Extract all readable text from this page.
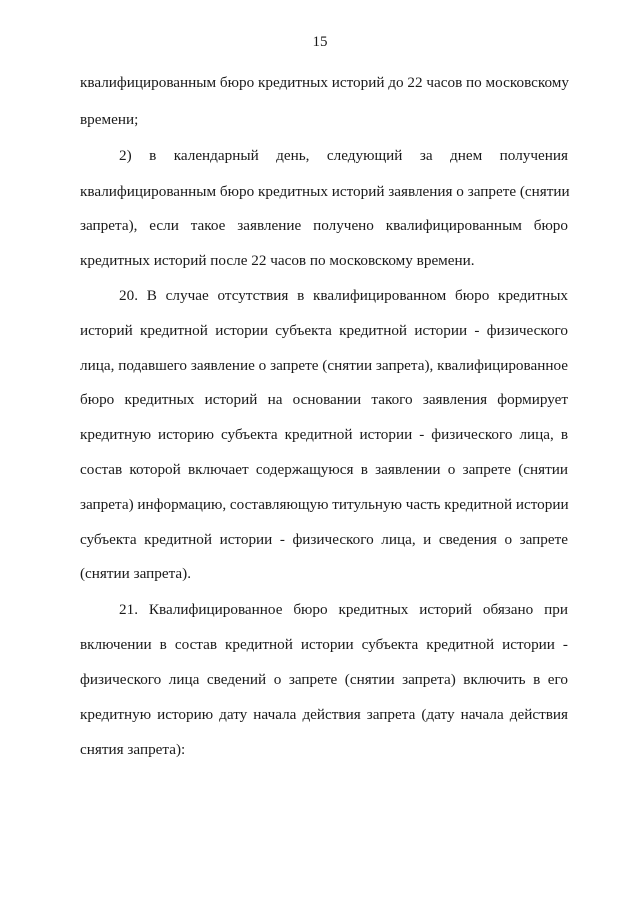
15
квалифицированным бюро кредитных историй до 22 часов по московскому
времени;
2) в календарный день, следующий за днем получения
квалифицированным бюро кредитных историй заявления о запрете (снятии
запрета), если такое заявление получено квалифицированным бюро
кредитных историй после 22 часов по московскому времени.
20. В случае отсутствия в квалифицированном бюро кредитных
историй кредитной истории субъекта кредитной истории - физического
лица, подавшего заявление о запрете (снятии запрета), квалифицированное
бюро кредитных историй на основании такого заявления формирует
кредитную историю субъекта кредитной истории - физического лица, в
состав которой включает содержащуюся в заявлении о запрете (снятии
запрета) информацию, составляющую титульную часть кредитной истории
субъекта кредитной истории - физического лица, и сведения о запрете
(снятии запрета).
21. Квалифицированное бюро кредитных историй обязано при
включении в состав кредитной истории субъекта кредитной истории -
физического лица сведений о запрете (снятии запрета) включить в его
кредитную историю дату начала действия запрета (дату начала действия
снятия запрета):
